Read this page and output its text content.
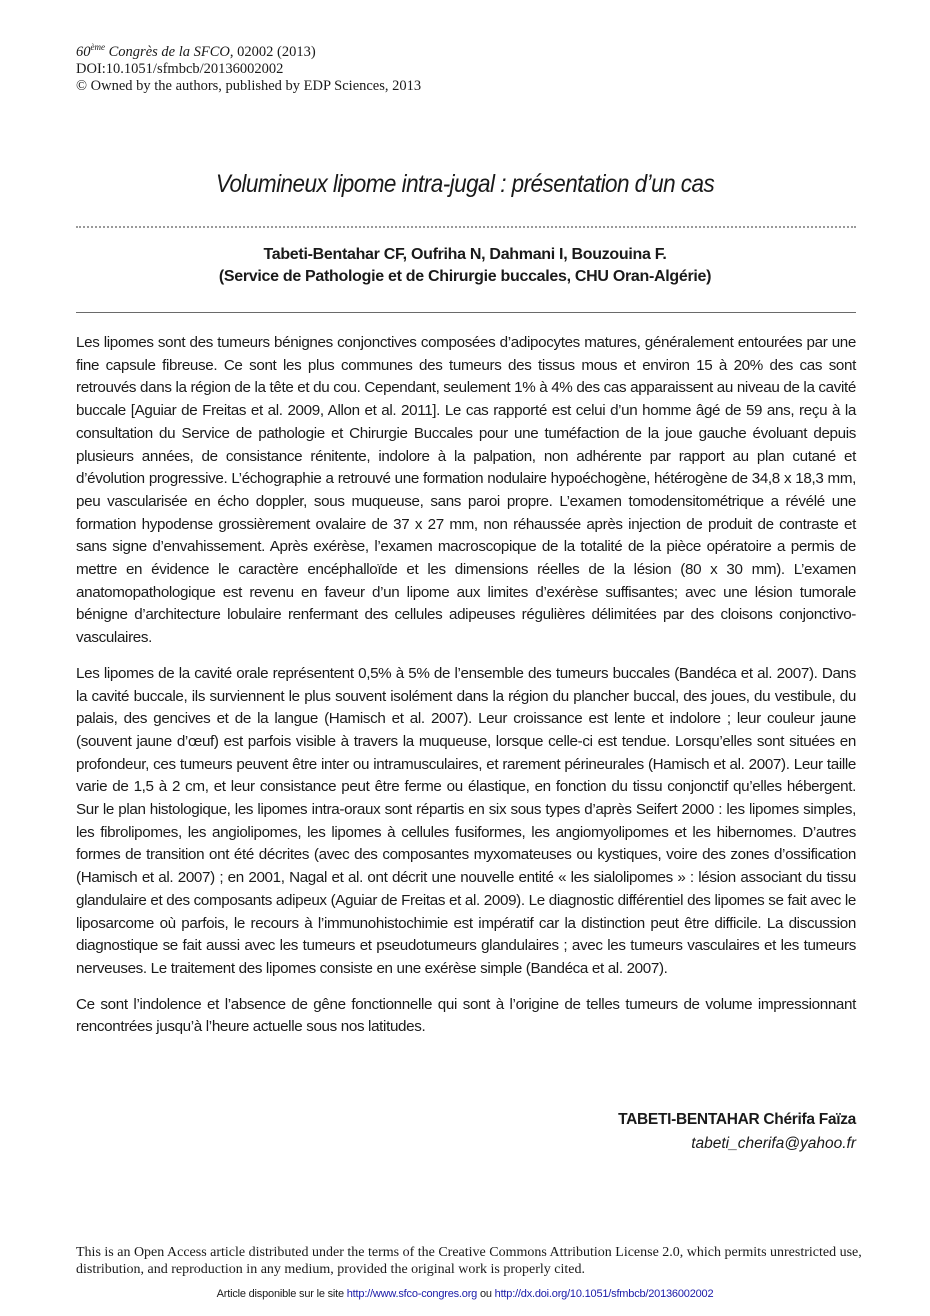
60ème Congrès de la SFCO, 02002 (2013)
DOI:10.1051/sfmbcb/20136002002
© Owned by the authors, published by EDP Sciences, 2013
Volumineux lipome intra-jugal : présentation d’un cas
Tabeti-Bentahar CF, Oufriha N, Dahmani I, Bouzouina F.
(Service de Pathologie et de Chirurgie buccales, CHU Oran-Algérie)

Les lipomes sont des tumeurs bénignes conjonctives composées d’adipocytes matures, généralement entourées par une fine capsule fibreuse. Ce sont les plus communes des tumeurs des tissus mous et environ 15 à 20% des cas sont retrouvés dans la région de la tête et du cou. Cependant, seulement 1% à 4% des cas apparaissent au niveau de la cavité buccale [Aguiar de Freitas et al. 2009, Allon et al. 2011]. Le cas rapporté est celui d’un homme âgé de 59 ans, reçu à la consultation du Service de pathologie et Chirurgie Buccales pour une tuméfaction de la joue gauche évoluant depuis plusieurs années, de consistance rénitente, indolore à la palpation, non adhérente par rapport au plan cutané et d’évolution progressive. L’échographie a retrouvé une formation nodulaire hypoéchogène, hétérogène de 34,8 x 18,3 mm, peu vascularisée en écho doppler, sous muqueuse, sans paroi propre. L’examen tomodensitométrique a révélé une formation hypodense grossièrement ovalaire de 37 x 27 mm, non réhaussée après injection de produit de contraste et sans signe d’envahissement. Après exérèse, l’examen macroscopique de la totalité de la pièce opératoire a permis de mettre en évidence le caractère encéphalloïde et les dimensions réelles de la lésion (80 x 30 mm). L’examen anatomopathologique est revenu en faveur d’un lipome aux limites d’exérèse suffisantes; avec une lésion tumorale bénigne d’architecture lobulaire renfermant des cellules adipeuses régulières délimitées par des cloisons conjonctivo-vasculaires.

Les lipomes de la cavité orale représentent 0,5% à 5% de l’ensemble des tumeurs buccales (Bandéca et al. 2007). Dans la cavité buccale, ils surviennent le plus souvent isolément dans la région du plancher buccal, des joues, du vestibule, du palais, des gencives et de la langue (Hamisch et al. 2007). Leur croissance est lente et indolore ; leur couleur jaune (souvent jaune d’œuf) est parfois visible à travers la muqueuse, lorsque celle-ci est tendue. Lorsqu’elles sont situées en profondeur, ces tumeurs peuvent être inter ou intramusculaires, et rarement périneurales (Hamisch et al. 2007). Leur taille varie de 1,5 à 2 cm, et leur consistance peut être ferme ou élastique, en fonction du tissu conjonctif qu’elles hébergent. Sur le plan histologique, les lipomes intra-oraux sont répartis en six sous types d’après Seifert 2000 : les lipomes simples, les fibrolipomes, les angiolipomes, les lipomes à cellules fusiformes, les angiomyolipomes et les hibernomes. D’autres formes de transition ont été décrites (avec des composantes myxomateuses ou kystiques, voire des zones d’ossification (Hamisch et al. 2007) ; en 2001, Nagal et al. ont décrit une nouvelle entité « les sialolipomes » : lésion associant du tissu glandulaire et des composants adipeux (Aguiar de Freitas et al. 2009). Le diagnostic différentiel des lipomes se fait avec le liposarcome où parfois, le recours à l’immunohistochimie est impératif car la distinction peut être difficile. La discussion diagnostique se fait aussi avec les tumeurs et pseudotumeurs glandulaires ; avec les tumeurs vasculaires et les tumeurs nerveuses. Le traitement des lipomes consiste en une exérèse simple (Bandéca et al. 2007).

Ce sont l’indolence et l’absence de gêne fonctionnelle qui sont à l’origine de telles tumeurs de volume impressionnant rencontrées jusqu’à l’heure actuelle sous nos latitudes.

TABETI-BENTAHAR Chérifa Faïza
tabeti_cherifa@yahoo.fr
This is an Open Access article distributed under the terms of the Creative Commons Attribution License 2.0, which permits unrestricted use, distribution, and reproduction in any medium, provided the original work is properly cited.
Article disponible sur le site http://www.sfco-congres.org ou http://dx.doi.org/10.1051/sfmbcb/20136002002
